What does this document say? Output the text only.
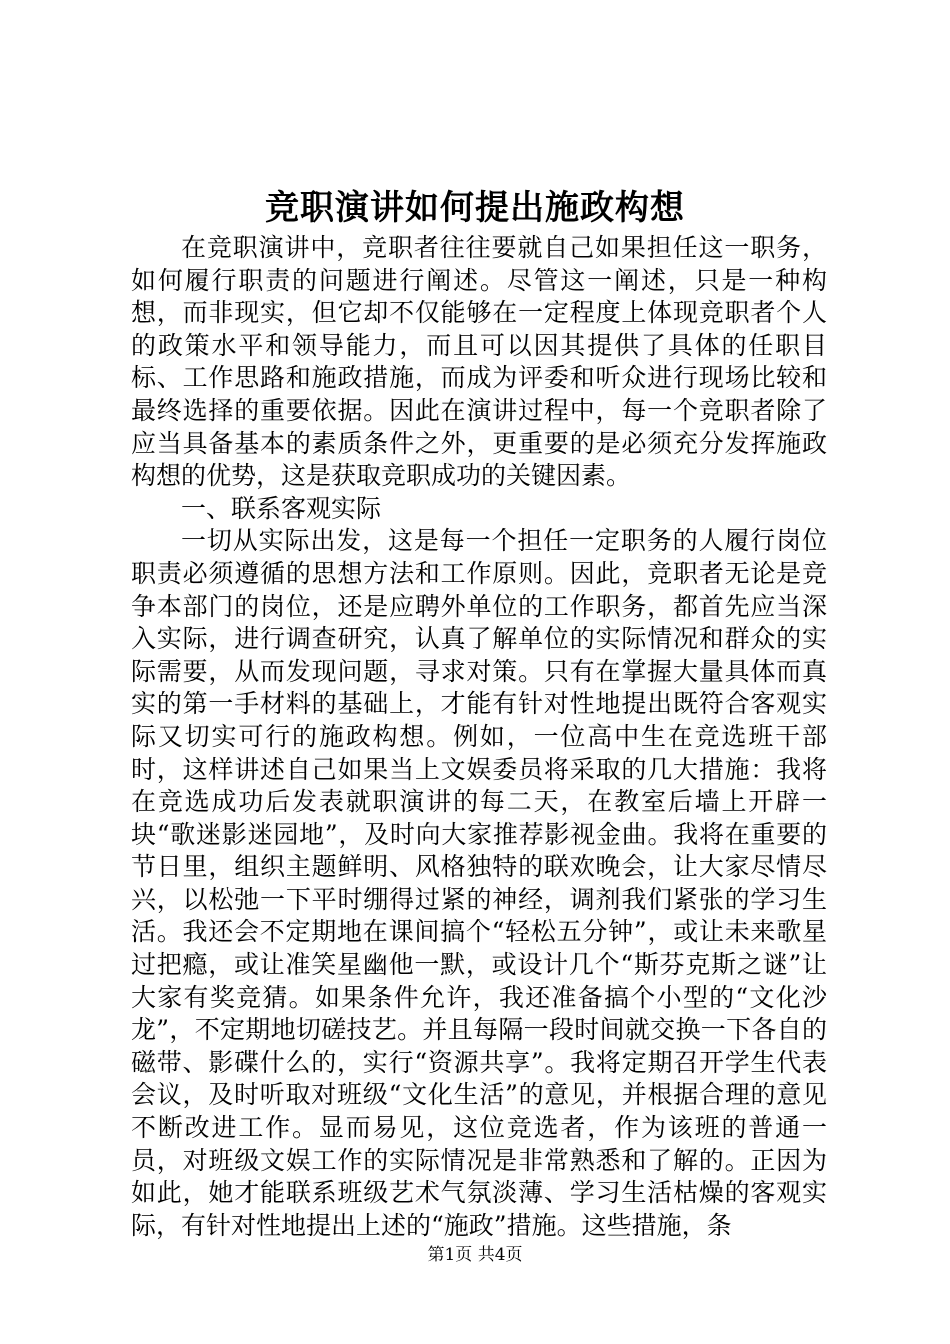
竞职演讲如何提出施政构想

在竞职演讲中，竞职者往往要就自己如果担任这一职务，如何履行职责的问题进行阐述。尽管这一阐述，只是一种构想，而非现实，但它却不仅能够在一定程度上体现竞职者个人的政策水平和领导能力，而且可以因其提供了具体的任职目标、工作思路和施政措施，而成为评委和听众进行现场比较和最终选择的重要依据。因此在演讲过程中，每一个竞职者除了应当具备基本的素质条件之外，更重要的是必须充分发挥施政构想的优势，这是获取竞职成功的关键因素。

一、联系客观实际

一切从实际出发，这是每一个担任一定职务的人履行岗位职责必须遵循的思想方法和工作原则。因此，竞职者无论是竞争本部门的岗位，还是应聘外单位的工作职务，都首先应当深入实际，进行调查研究，认真了解单位的实际情况和群众的实际需要，从而发现问题，寻求对策。只有在掌握大量具体而真实的第一手材料的基础上，才能有针对性地提出既符合客观实际又切实可行的施政构想。例如，一位高中生在竞选班干部时，这样讲述自己如果当上文娱委员将采取的几大措施：我将在竞选成功后发表就职演讲的每二天，在教室后墙上开辟一块“歌迷影迷园地”，及时向大家推荐影视金曲。我将在重要的节日里，组织主题鲜明、风格独特的联欢晚会，让大家尽情尽兴，以松弛一下平时绷得过紧的神经，调剂我们紧张的学习生活。我还会不定期地在课间搞个“轻松五分钟”，或让未来歌星过把瘾，或让准笑星幽他一默，或设计几个“斯芬克斯之谜”让大家有奖竞猜。如果条件允许，我还准备搞个小型的“文化沙龙”，不定期地切磋技艺。并且每隔一段时间就交换一下各自的磁带、影碟什么的，实行“资源共享”。我将定期召开学生代表会议，及时听取对班级“文化生活”的意见，并根据合理的意见不断改进工作。显而易见，这位竞选者，作为该班的普通一员，对班级文娱工作的实际情况是非常熟悉和了解的。正因为如此，她才能联系班级艺术气氛淡薄、学习生活枯燥的客观实际，有针对性地提出上述的“施政”措施。这些措施，条

第1页 共4页
